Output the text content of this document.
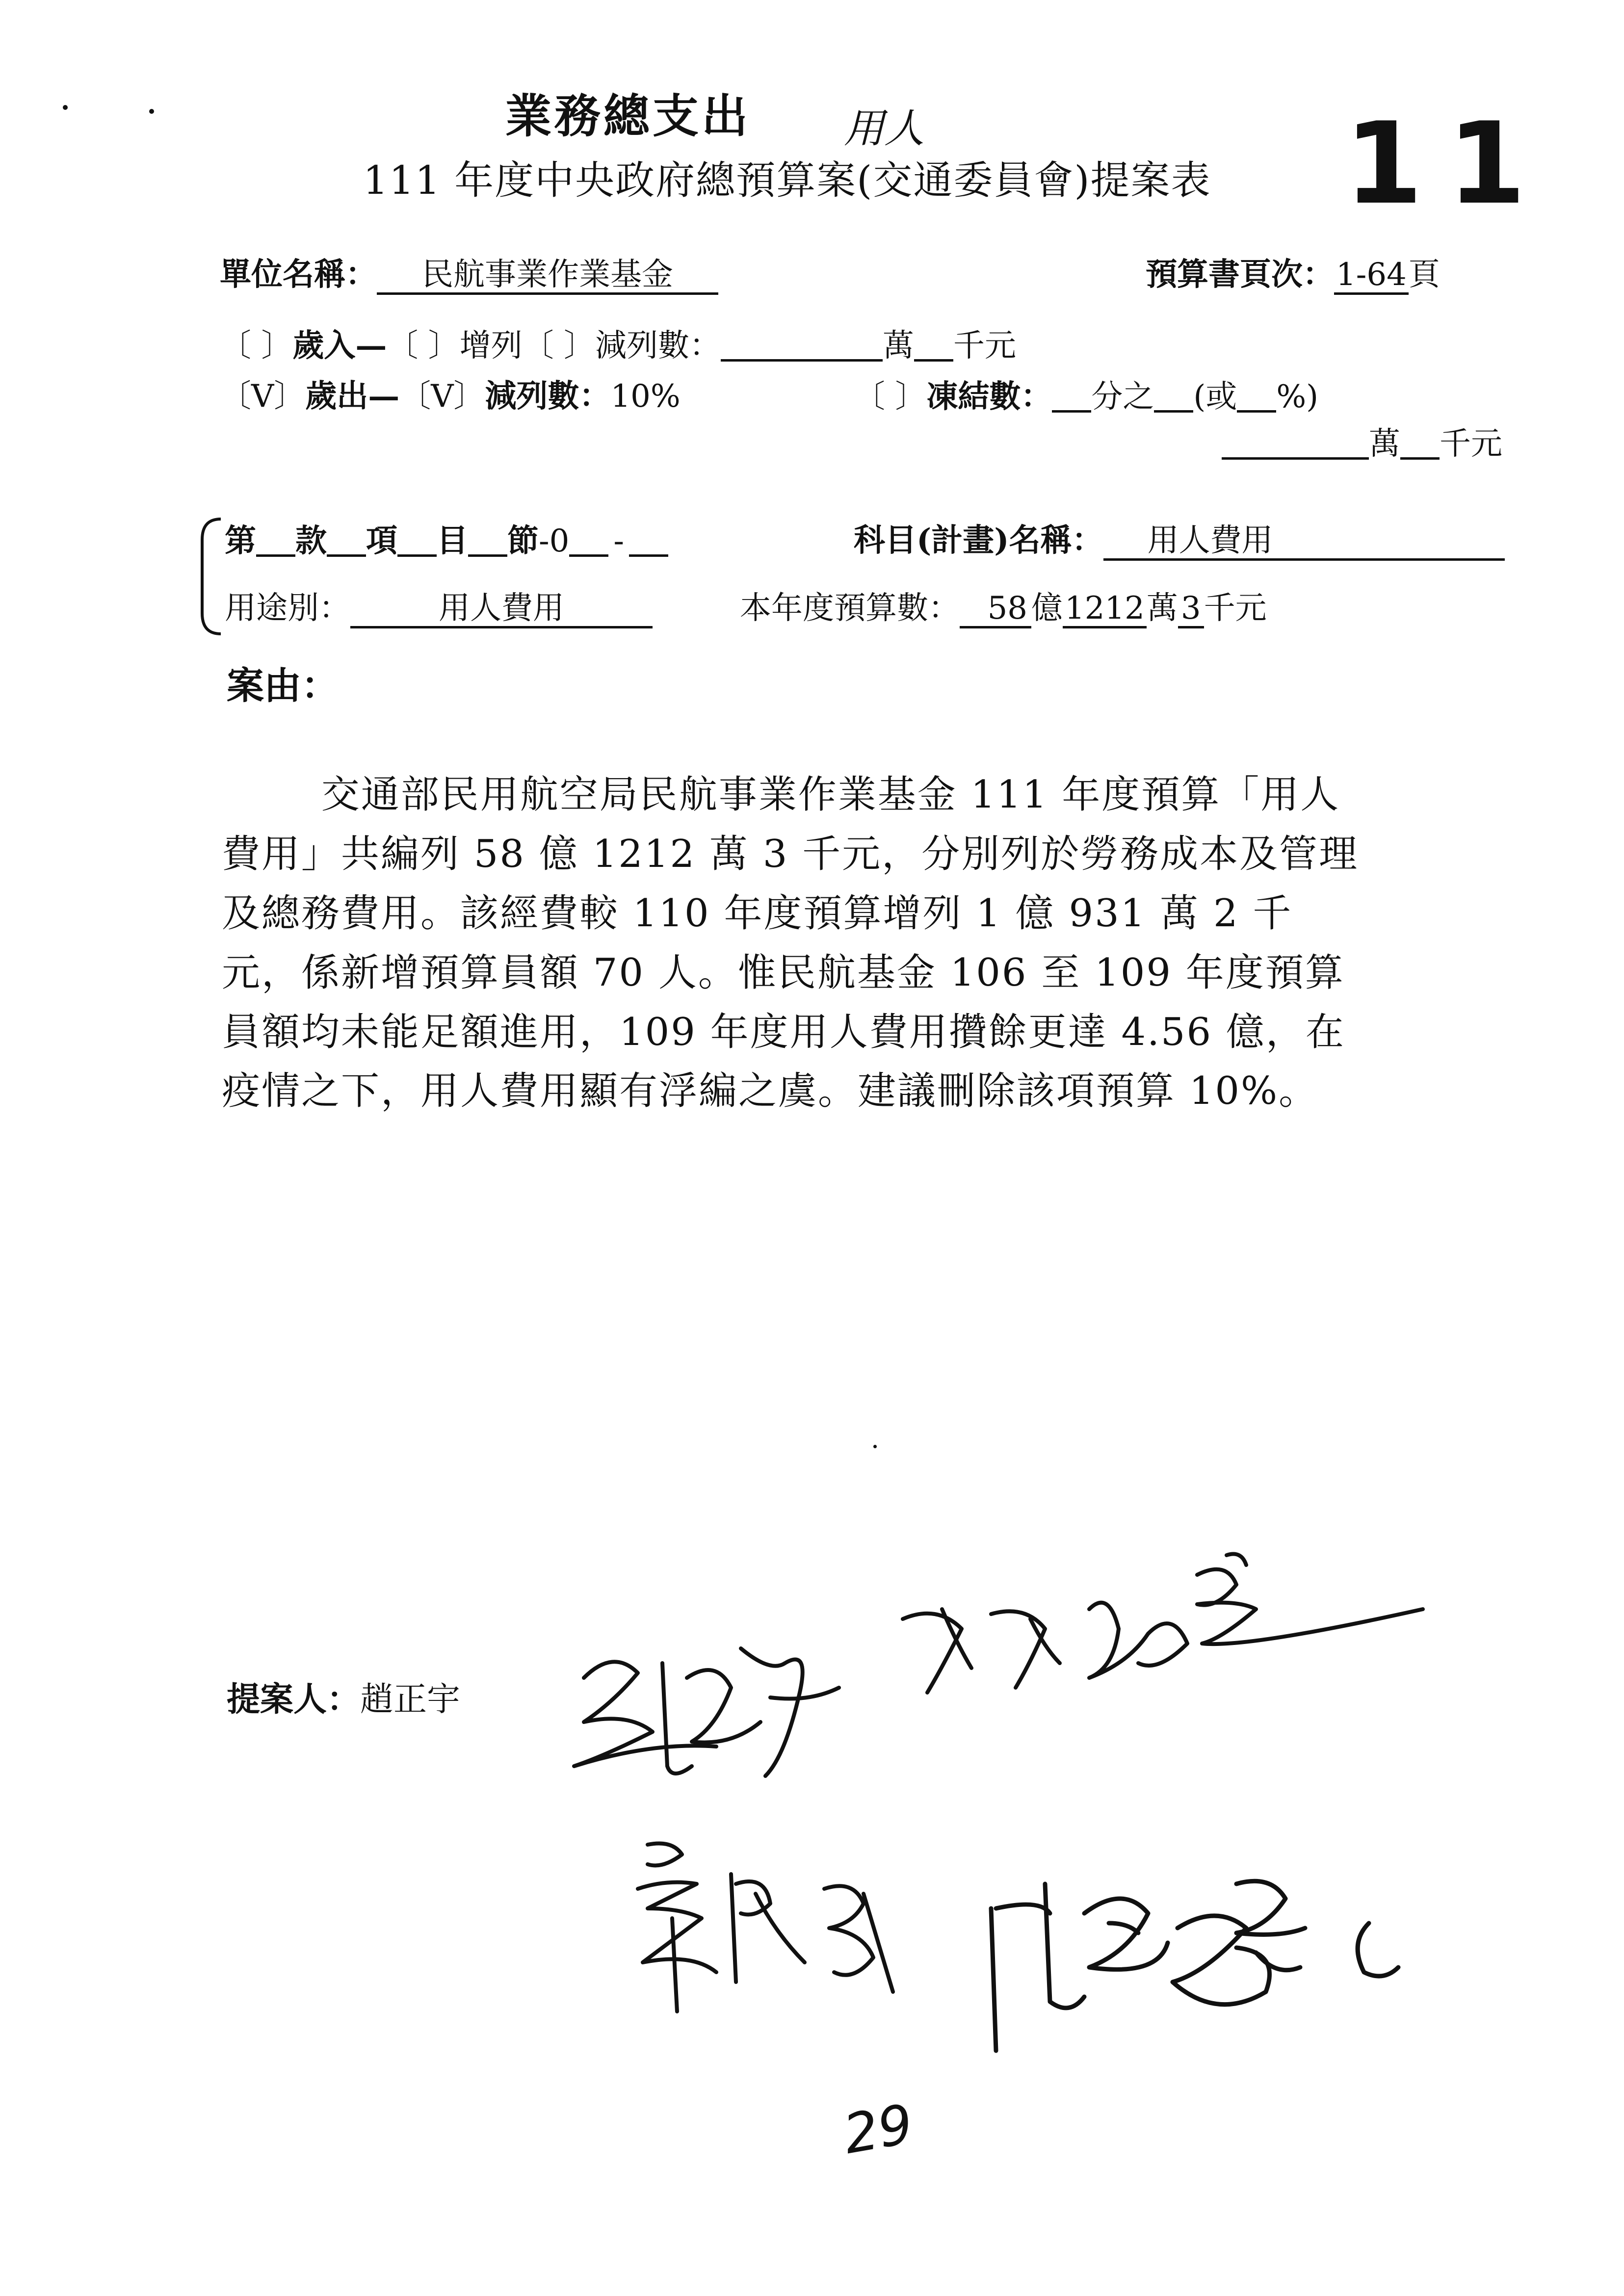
業務總支出 用人	11
111 年度中央政府總預算案(交通委員會)提案表
單位名稱： 民航事業作業基金	預算書頁次：1-64頁
〔 〕歲入—〔 〕增列〔 〕減列數：	萬 千元
〔V〕歲出—〔V〕減列數：10%	〔 〕凍結數： 分之 (或 %)
萬 千元
第 款 項 目 節-0 -	科目(計畫)名稱： 用人費用
用途別：	用人費用	本年度預算數： 58 億1212萬3千元
案由：
交通部民用航空局民航事業作業基金 111 年度預算「用人費用」共編列 58 億 1212 萬 3 千元，分別列於勞務成本及管理及總務費用。該經費較 110 年度預算增列 1 億 931 萬 2 千元，係新增預算員額 70 人。惟民航基金 106 至 109 年度預算員額均未能足額進用，109 年度用人費用攢餘更達 4.56 億，在疫情之下，用人費用顯有浮編之虞。建議刪除該項預算 10%。
提案人：趙正宇
29
